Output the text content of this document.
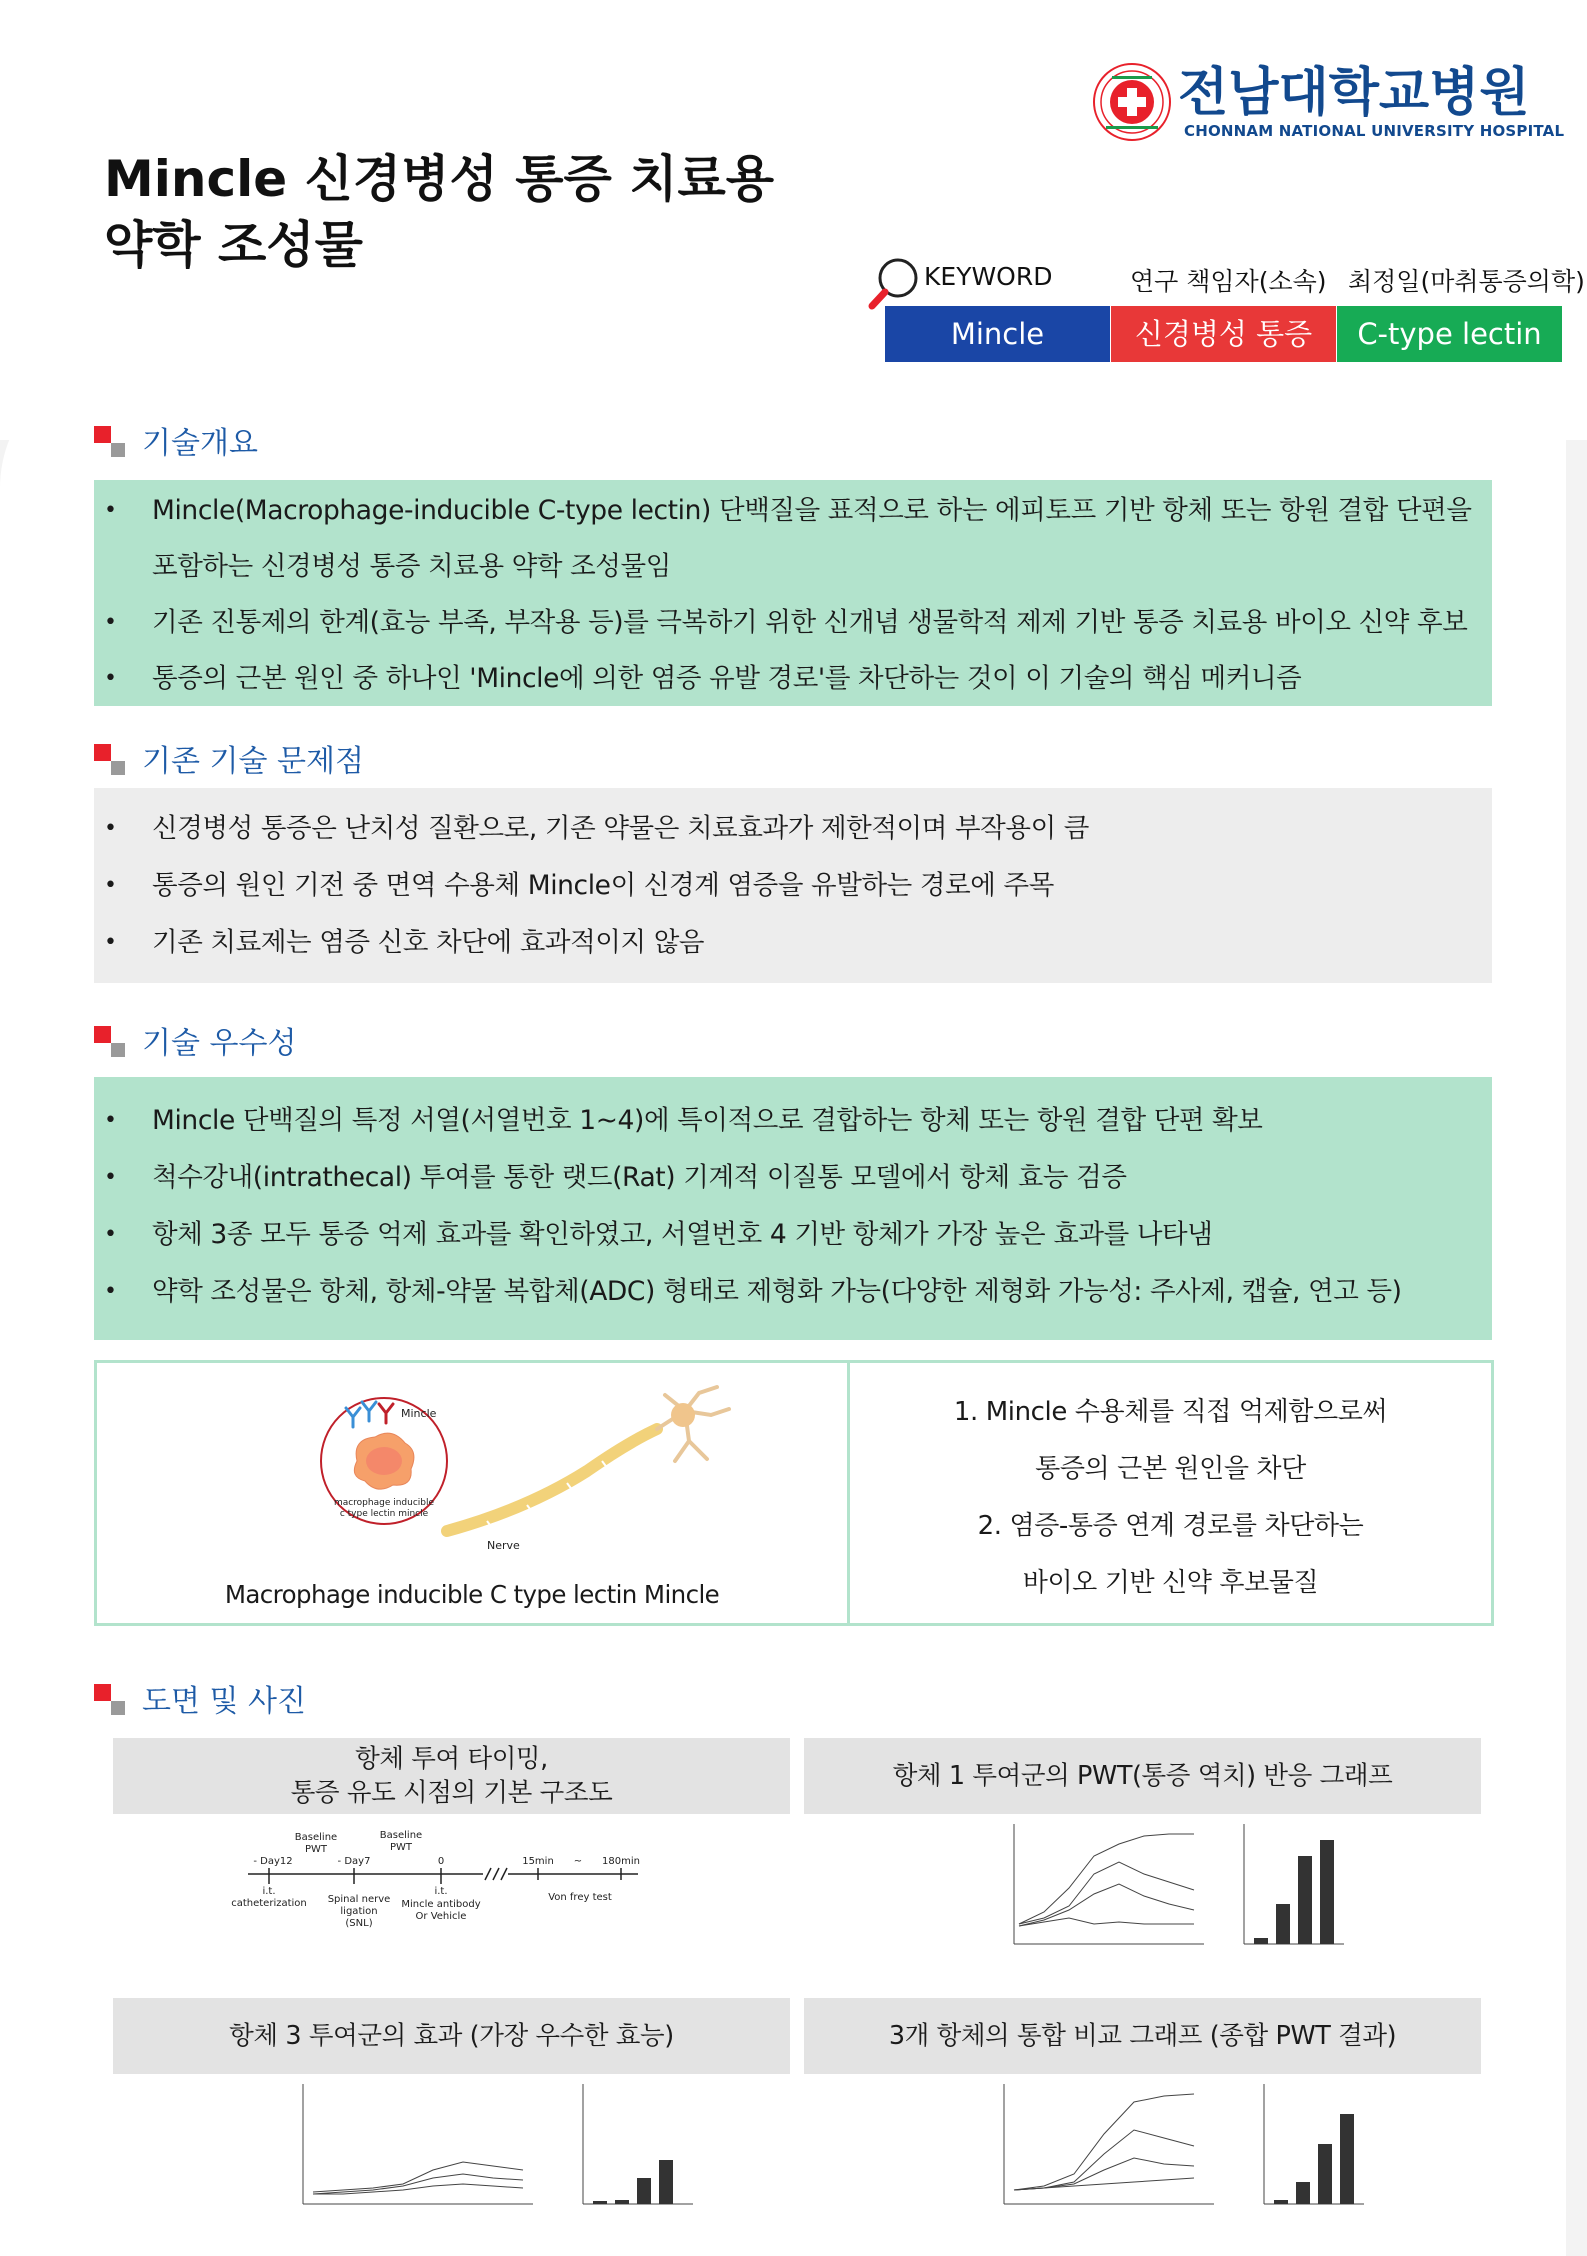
전남대학교병원
CHONNAM NATIONAL UNIVERSITY HOSPITAL
Mincle 신경병성 통증 치료용
약학 조성물
KEYWORD	연구 책임자(소속) 최정일(마취통증의학)
Mincle	신경병성 통증	C-type lectin
기술개요
• Mincle(Macrophage-inducible C-type lectin) 단백질을 표적으로 하는 에피토프 기반 항체 또는 항원 결합 단편을
포함하는 신경병성 통증 치료용 약학 조성물임
• 기존 진통제의 한계(효능 부족, 부작용 등)를 극복하기 위한 신개념 생물학적 제제 기반 통증 치료용 바이오 신약 후보
• 통증의 근본 원인 중 하나인 'Mincle에 의한 염증 유발 경로'를 차단하는 것이 이 기술의 핵심 메커니즘
기존 기술 문제점
• 신경병성 통증은 난치성 질환으로, 기존 약물은 치료효과가 제한적이며 부작용이 큼
• 통증의 원인 기전 중 면역 수용체 Mincle이 신경계 염증을 유발하는 경로에 주목
• 기존 치료제는 염증 신호 차단에 효과적이지 않음
기술 우수성
• Mincle 단백질의 특정 서열(서열번호 1~4)에 특이적으로 결합하는 항체 또는 항원 결합 단편 확보
• 척수강내(intrathecal) 투여를 통한 랫드(Rat) 기계적 이질통 모델에서 항체 효능 검증
• 항체 3종 모두 통증 억제 효과를 확인하였고, 서열번호 4 기반 항체가 가장 높은 효과를 나타냄
• 약학 조성물은 항체, 항체-약물 복합체(ADC) 형태로 제형화 가능(다양한 제형화 가능성: 주사제, 캡슐, 연고 등)
Mincle
macrophage inducible
c type lectin mincle
Nerve
Macrophage inducible C type lectin Mincle
1. Mincle 수용체를 직접 억제함으로써
통증의 근본 원인을 차단
2. 염증-통증 연계 경로를 차단하는
바이오 기반 신약 후보물질
도면 및 사진
항체 투여 타이밍,
통증 유도 시점의 기본 구조도
Baseline
PWT
Baseline
PWT
- Day12	- Day7	0	15min ~ 180min
i.t.
catheterization Spinal nerve
ligation
(SNL)
i.t.
Mincle antibody
Or Vehicle
Von frey test
항체 1 투여군의 PWT(통증 역치) 반응 그래프
항체 3 투여군의 효과 (가장 우수한 효능)	3개 항체의 통합 비교 그래프 (종합 PWT 결과)
